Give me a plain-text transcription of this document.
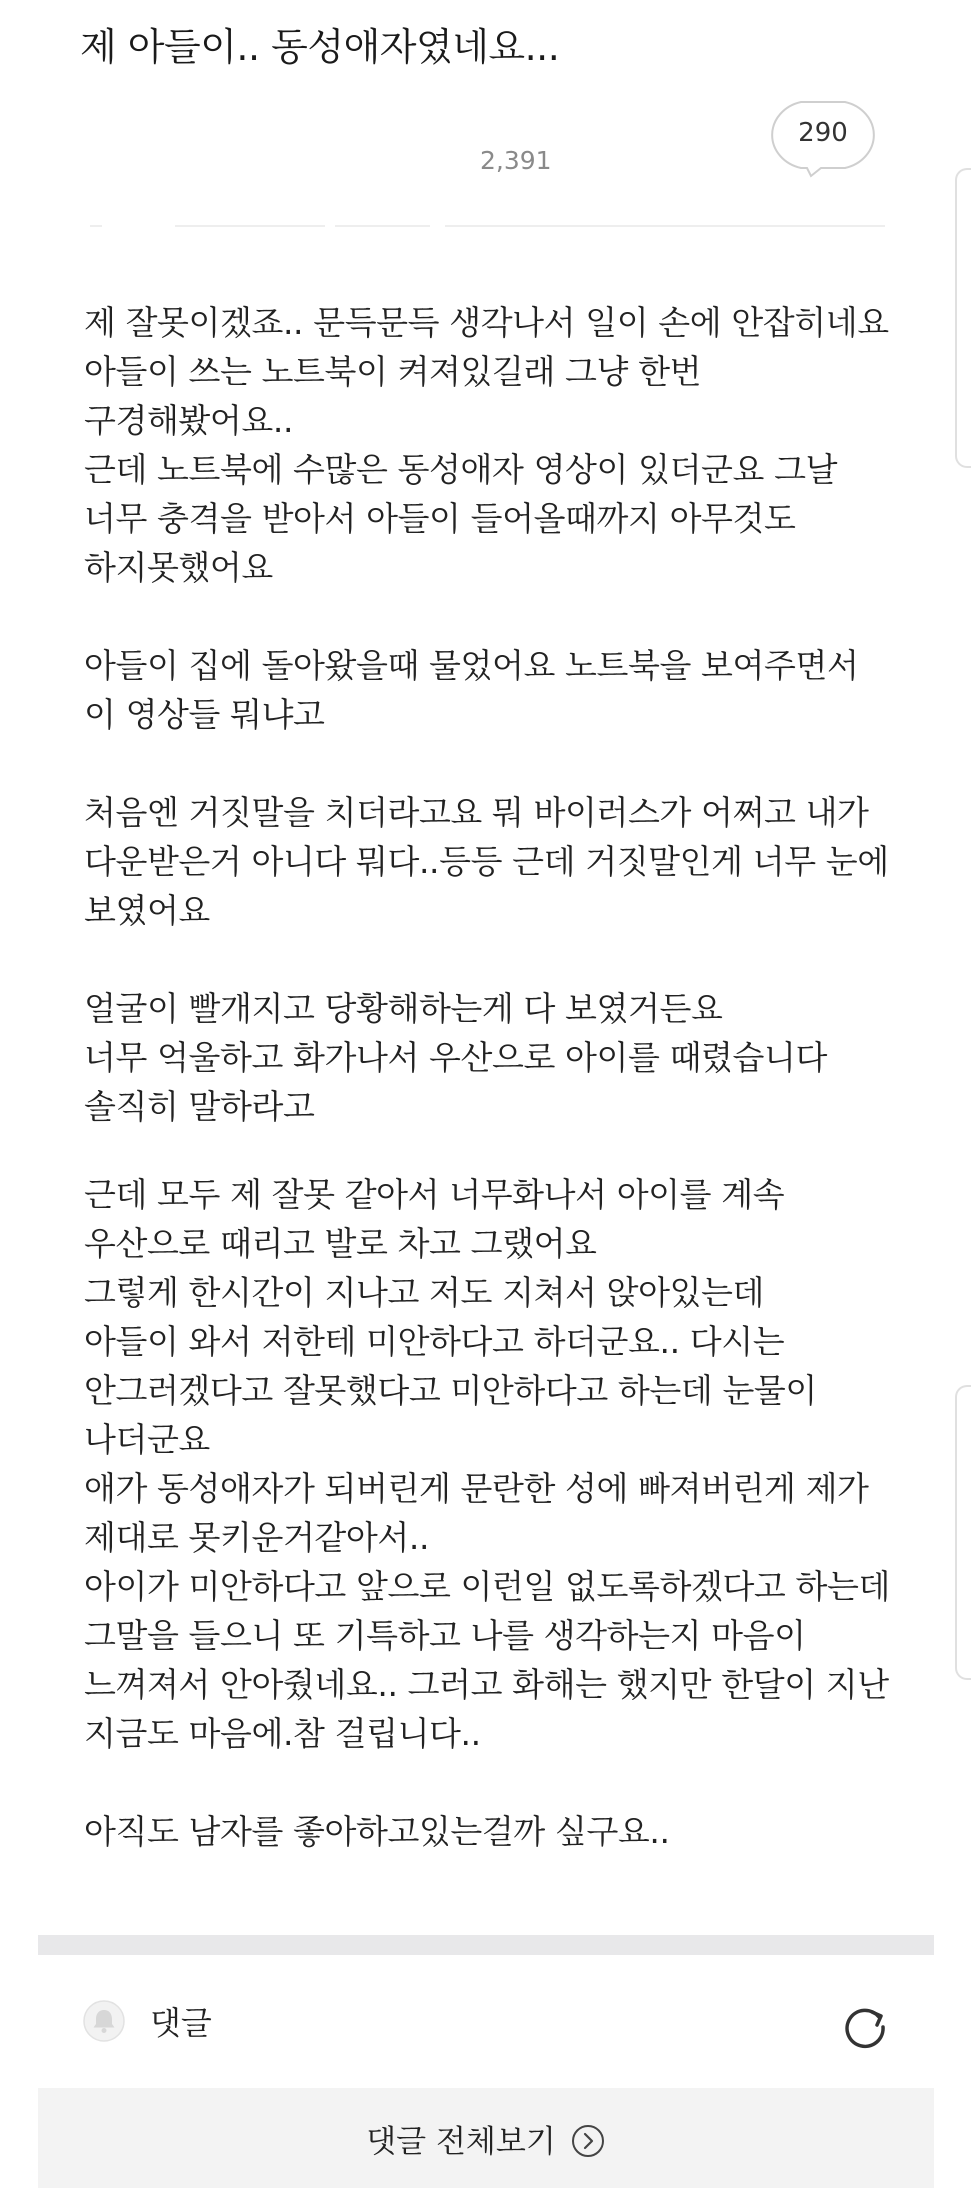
제 아들이.. 동성애자였네요...
2,391
290

제 잘못이겠죠.. 문득문득 생각나서 일이 손에 안잡히네요
아들이 쓰는 노트북이 켜져있길래 그냥 한번 구경해봤어요..
근데 노트북에 수많은 동성애자 영상이 있더군요 그날 너무 충격을 받아서 아들이 들어올때까지 아무것도 하지못했어요

아들이 집에 돌아왔을때 물었어요 노트북을 보여주면서 이 영상들 뭐냐고

처음엔 거짓말을 치더라고요 뭐 바이러스가 어쩌고 내가 다운받은거 아니다 뭐다..등등 근데 거짓말인게 너무 눈에 보였어요

얼굴이 빨개지고 당황해하는게 다 보였거든요
너무 억울하고 화가나서 우산으로 아이를 때렸습니다 솔직히 말하라고

근데 모두 제 잘못 같아서 너무화나서 아이를 계속 우산으로 때리고 발로 차고 그랬어요
그렇게 한시간이 지나고 저도 지쳐서 앉아있는데
아들이 와서 저한테 미안하다고 하더군요.. 다시는 안그러겠다고 잘못했다고 미안하다고 하는데 눈물이 나더군요
애가 동성애자가 되버린게 문란한 성에 빠져버린게 제가 제대로 못키운거같아서..
아이가 미안하다고 앞으로 이런일 없도록하겠다고 하는데 그말을 들으니 또 기특하고 나를 생각하는지 마음이 느껴져서 안아줬네요.. 그러고 화해는 했지만 한달이 지난 지금도 마음에.참 걸립니다..

아직도 남자를 좋아하고있는걸까 싶구요..

댓글
댓글 전체보기
